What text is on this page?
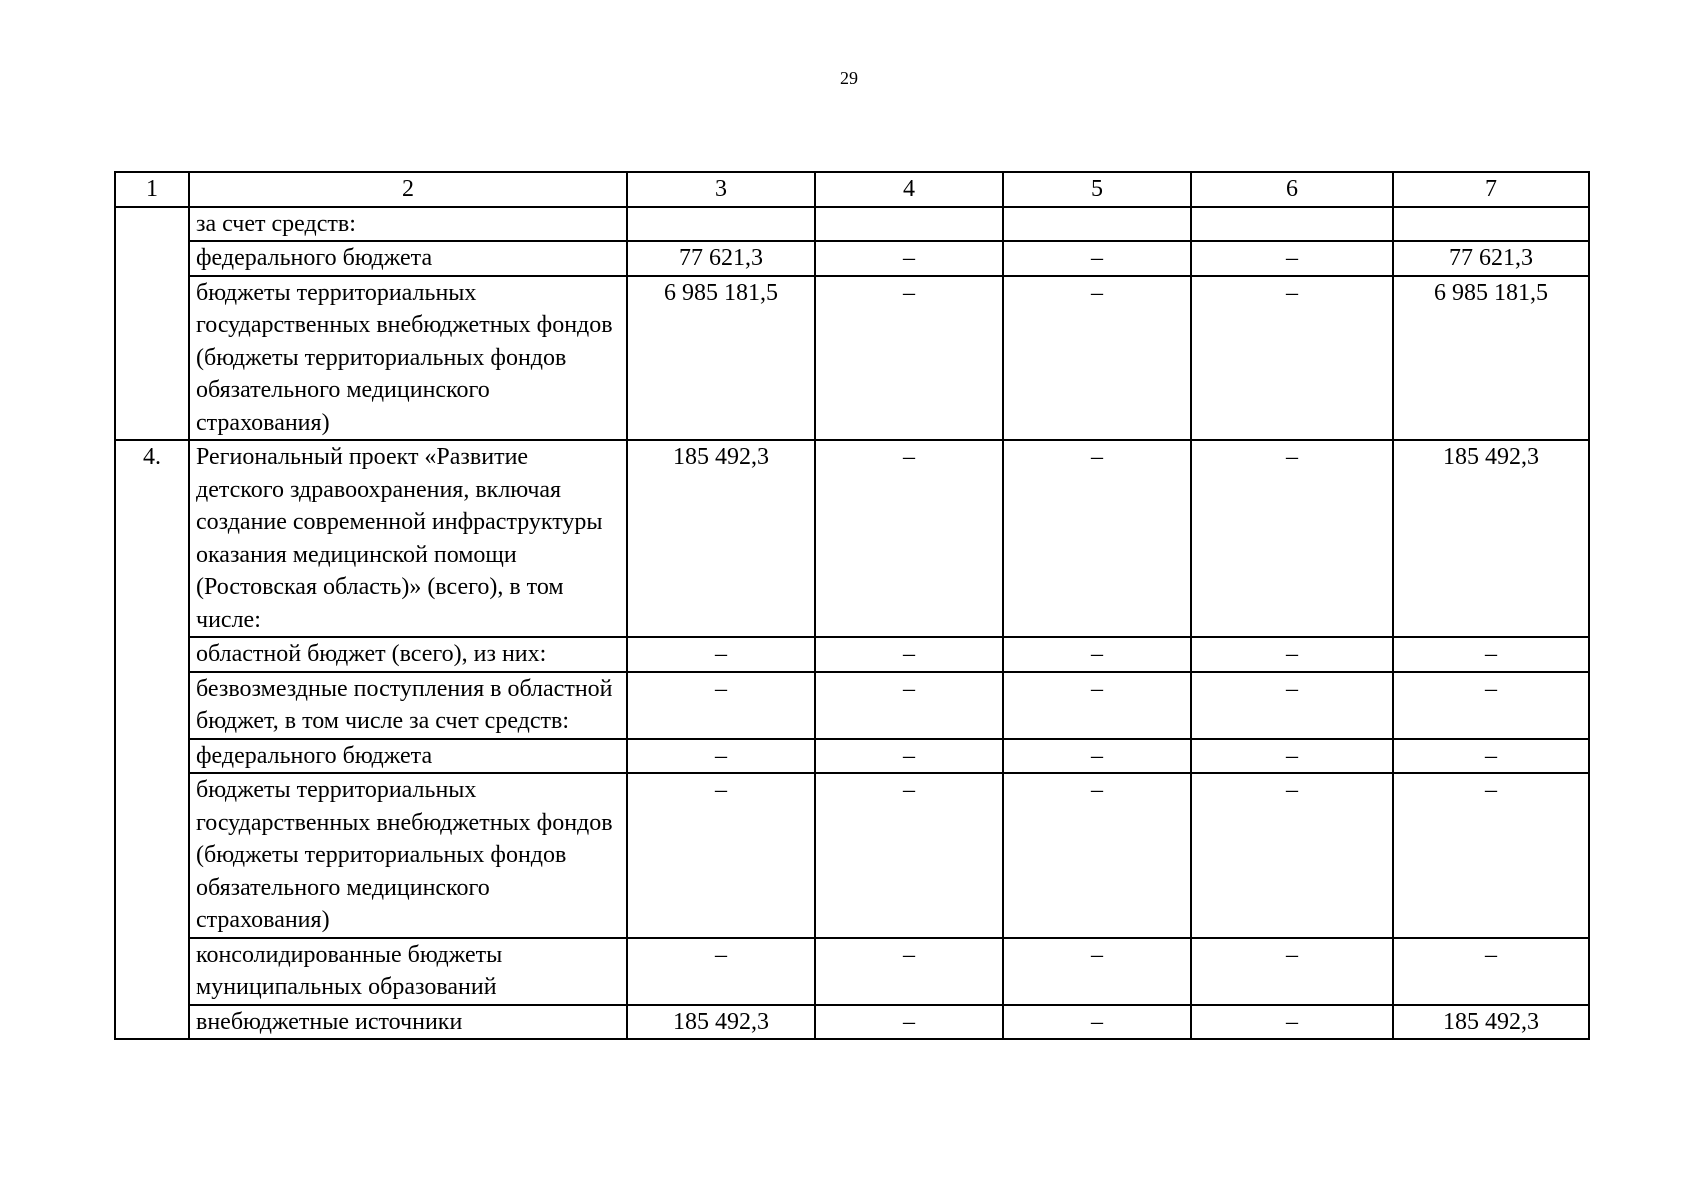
29
1	2	3	4	5	6	7
	за счет средств:					
	федерального бюджета	77 621,3	–	–	–	77 621,3
	бюджеты территориальных государственных внебюджетных фондов (бюджеты территориальных фондов обязательного медицинского страхования)	6 985 181,5	–	–	–	6 985 181,5
4.	Региональный проект «Развитие детского здравоохранения, включая создание современной инфраструктуры оказания медицинской помощи (Ростовская область)» (всего), в том числе:	185 492,3	–	–	–	185 492,3
	областной бюджет (всего), из них:	–	–	–	–	–
	безвозмездные поступления в областной бюджет, в том числе за счет средств:	–	–	–	–	–
	федерального бюджета	–	–	–	–	–
	бюджеты территориальных государственных внебюджетных фондов (бюджеты территориальных фондов обязательного медицинского страхования)	–	–	–	–	–
	консолидированные бюджеты муниципальных образований	–	–	–	–	–
	внебюджетные источники	185 492,3	–	–	–	185 492,3
